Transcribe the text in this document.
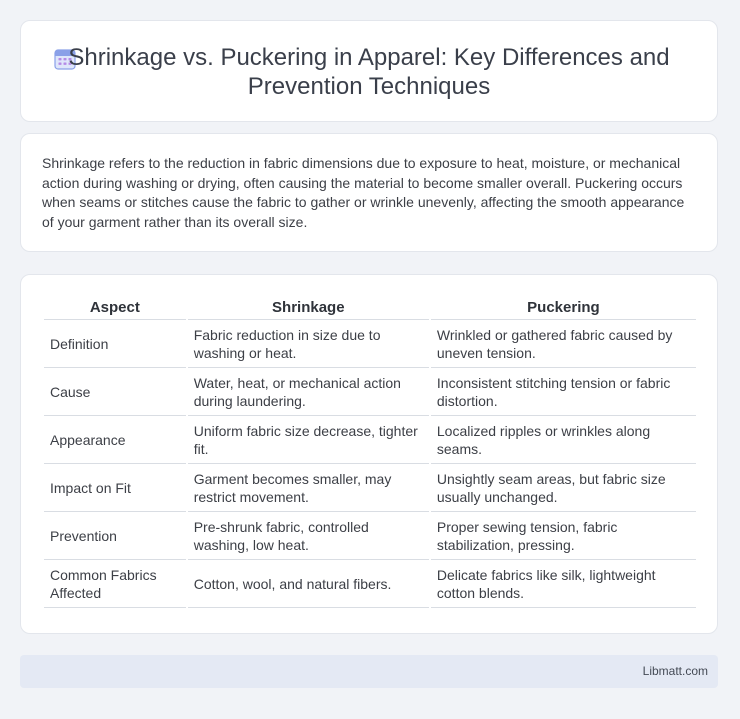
Shrinkage vs. Puckering in Apparel: Key Differences and Prevention Techniques

Shrinkage refers to the reduction in fabric dimensions due to exposure to heat, moisture, or mechanical action during washing or drying, often causing the material to become smaller overall. Puckering occurs when seams or stitches cause the fabric to gather or wrinkle unevenly, affecting the smooth appearance of your garment rather than its overall size.

Aspect	Shrinkage	Puckering
Definition	Fabric reduction in size due to washing or heat.	Wrinkled or gathered fabric caused by uneven tension.
Cause	Water, heat, or mechanical action during laundering.	Inconsistent stitching tension or fabric distortion.
Appearance	Uniform fabric size decrease, tighter fit.	Localized ripples or wrinkles along seams.
Impact on Fit	Garment becomes smaller, may restrict movement.	Unsightly seam areas, but fabric size usually unchanged.
Prevention	Pre-shrunk fabric, controlled washing, low heat.	Proper sewing tension, fabric stabilization, pressing.
Common Fabrics Affected	Cotton, wool, and natural fibers.	Delicate fabrics like silk, lightweight cotton blends.
Libmatt.com
